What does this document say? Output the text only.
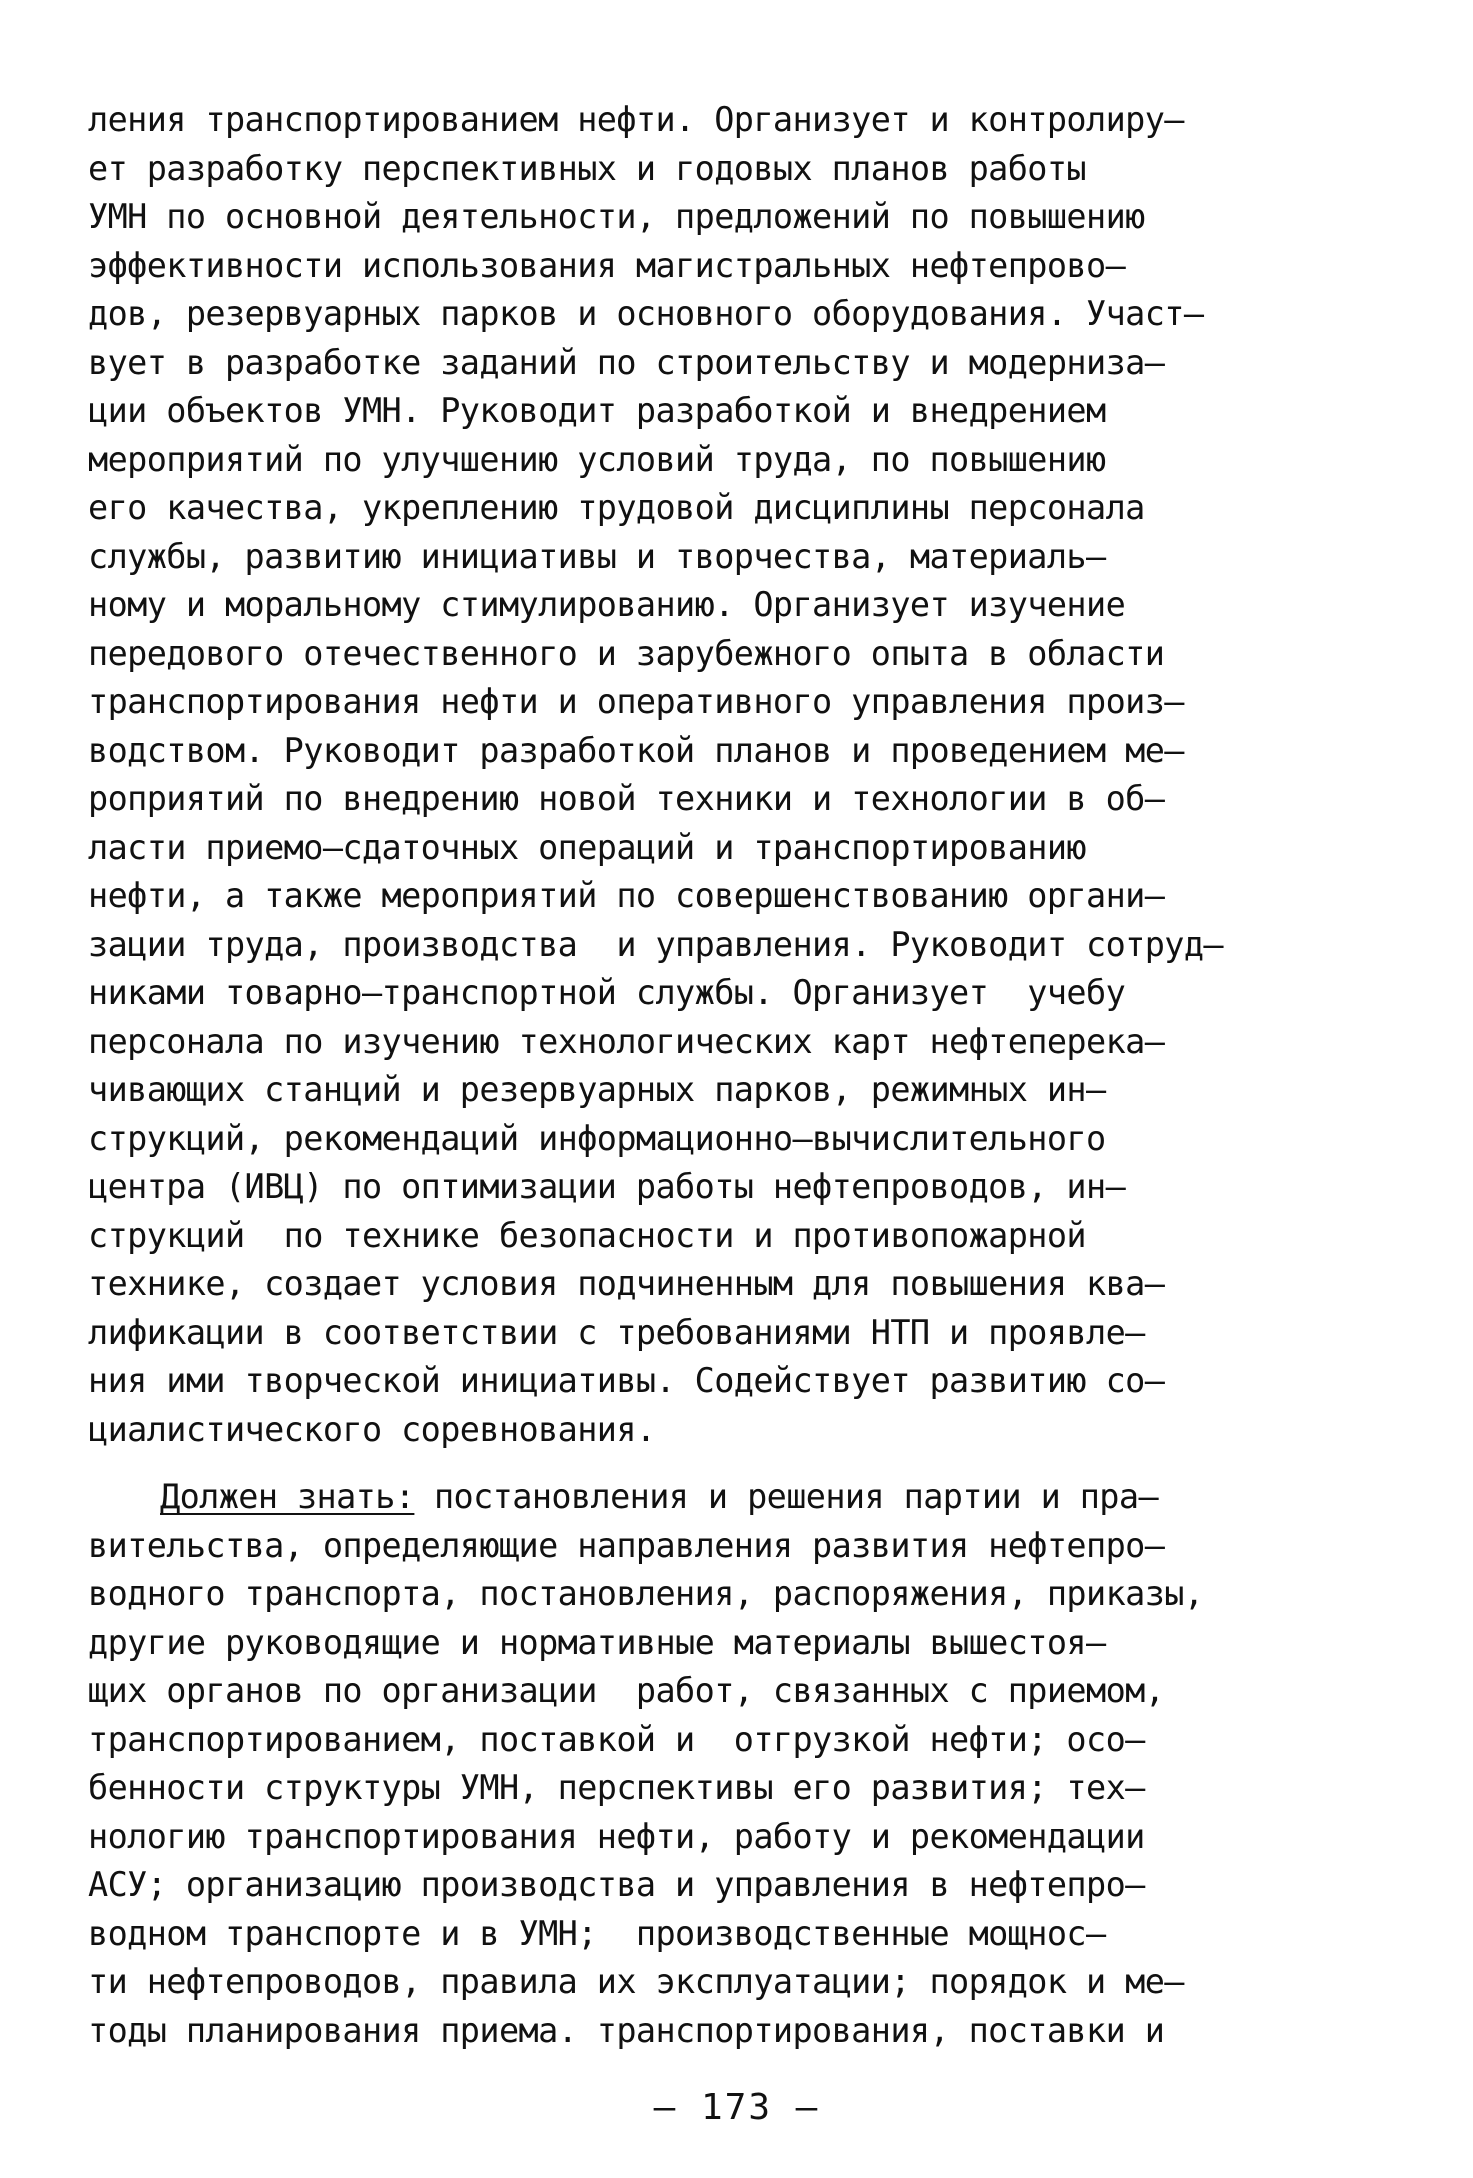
ления транспортированием нефти. Организует и контролиру–
ет разработку перспективных и годовых планов работы
УМН по основной деятельности, предложений по повышению
эффективности использования магистральных нефтепрово–
дов, резервуарных парков и основного оборудования. Участ–
вует в разработке заданий по строительству и модерниза–
ции объектов УМН. Руководит разработкой и внедрением
мероприятий по улучшению условий труда, по повышению
его качества, укреплению трудовой дисциплины персонала
службы, развитию инициативы и творчества, материаль–
ному и моральному стимулированию. Организует изучение
передового отечественного и зарубежного опыта в области
транспортирования нефти и оперативного управления произ–
водством. Руководит разработкой планов и проведением ме–
роприятий по внедрению новой техники и технологии в об–
ласти приемо–сдаточных операций и транспортированию
нефти, а также мероприятий по совершенствованию органи–
зации труда, производства  и управления. Руководит сотруд–
никами товарно–транспортной службы. Организует  учебу
персонала по изучению технологических карт нефтеперека–
чивающих станций и резервуарных парков, режимных ин–
струкций, рекомендаций информационно–вычислительного
центра (ИВЦ) по оптимизации работы нефтепроводов, ин–
струкций  по технике безопасности и противопожарной
технике, создает условия подчиненным для повышения ква–
лификации в соответствии с требованиями НТП и проявле–
ния ими творческой инициативы. Содействует развитию со–
циалистического соревнования.
Должен знать: постановления и решения партии и пра–
вительства, определяющие направления развития нефтепро–
водного транспорта, постановления, распоряжения, приказы,
другие руководящие и нормативные материалы вышестоя–
щих органов по организации  работ, связанных с приемом,
транспортированием, поставкой и  отгрузкой нефти; осо–
бенности структуры УМН, перспективы его развития; тех–
нологию транспортирования нефти, работу и рекомендации
АСУ; организацию производства и управления в нефтепро–
водном транспорте и в УМН;  производственные мощнос–
ти нефтепроводов, правила их эксплуатации; порядок и ме–
тоды планирования приема. транспортирования, поставки и
– 173 –
